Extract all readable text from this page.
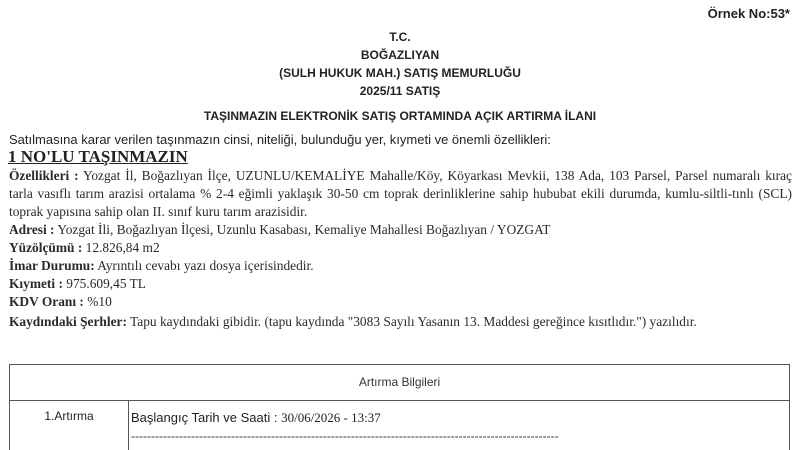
Örnek No:53*
T.C.
BOĞAZLIYAN
(SULH HUKUK MAH.) SATIŞ MEMURLUĞU
2025/11 SATIŞ
TAŞINMAZIN ELEKTRONİK SATIŞ ORTAMINDA AÇIK ARTIRMA İLANI
Satılmasına karar verilen taşınmazın cinsi, niteliği, bulunduğu yer, kıymeti ve önemli özellikleri:
1 NO'LU TAŞINMAZIN
Özellikleri : Yozgat İl, Boğazlıyan İlçe, UZUNLU/KEMALİYE Mahalle/Köy, Köyarkası Mevkii, 138 Ada, 103 Parsel, Parsel numaralı kıraç tarla vasıflı tarım arazisi ortalama % 2-4 eğimli yaklaşık 30-50 cm toprak derinliklerine sahip hububat ekili durumda, kumlu-siltli-tınlı (SCL) toprak yapısına sahip olan II. sınıf kuru tarım arazisidir.
Adresi : Yozgat İli, Boğazlıyan İlçesi, Uzunlu Kasabası, Kemaliye Mahallesi Boğazlıyan / YOZGAT
Yüzölçümü : 12.826,84 m2
İmar Durumu: Ayrıntılı cevabı yazı dosya içerisindedir.
Kıymeti : 975.609,45 TL
KDV Oranı : %10
Kaydındaki Şerhler: Tapu kaydındaki gibidir. (tapu kaydında "3083 Sayılı Yasanın 13. Maddesi gereğince kısıtlıdır.") yazılıdır.
Artırma Bilgileri
1.Artırma	Başlangıç Tarih ve Saati : 30/06/2026 - 13:37
-----------------------------------------------------------------------------------------------------------
